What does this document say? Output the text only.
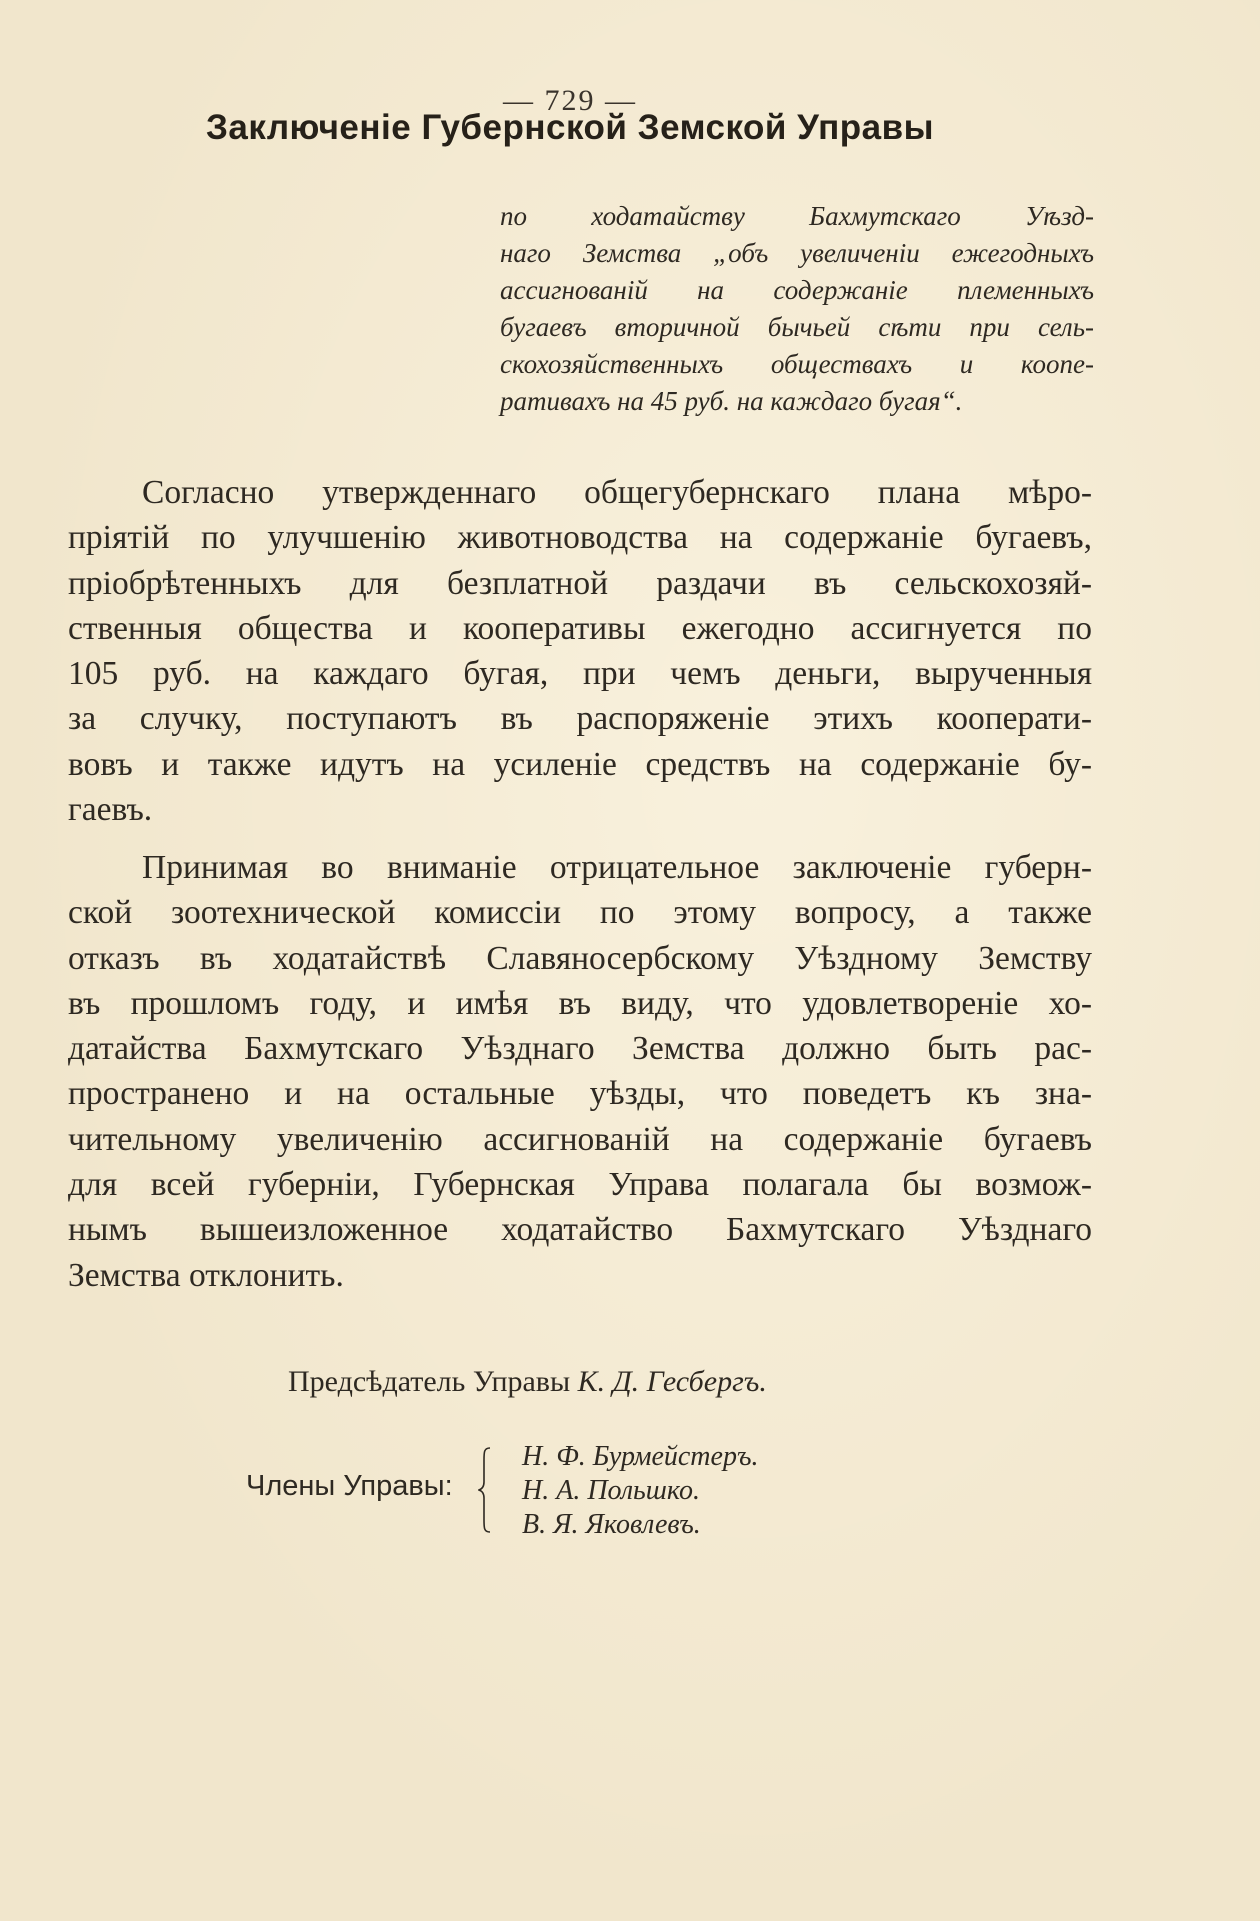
— 729 —
Заключеніе Губернской Земской Управы
по ходатайству Бахмутскаго Уѣзд-
наго Земства „объ увеличеніи ежегодныхъ
ассигнованій на содержаніе племенныхъ
бугаевъ вторичной бычьей сѣти при сель-
скохозяйственныхъ обществахъ и коопе-
ративахъ на 45 руб. на каждаго бугая“.
Согласно утвержденнаго общегубернскаго плана мѣро-
пріятій по улучшенію животноводства на содержаніе бугаевъ,
пріобрѣтенныхъ для безплатной раздачи въ сельскохозяй-
ственныя общества и кооперативы ежегодно ассигнуется по
105 руб. на каждаго бугая, при чемъ деньги, вырученныя
за случку, поступаютъ въ распоряженіе этихъ кооперати-
вовъ и также идутъ на усиленіе средствъ на содержаніе бу-
гаевъ.
Принимая во вниманіе отрицательное заключеніе губерн-
ской зоотехнической комиссіи по этому вопросу, а также
отказъ въ ходатайствѣ Славяносербскому Уѣздному Земству
въ прошломъ году, и имѣя въ виду, что удовлетвореніе хо-
датайства Бахмутскаго Уѣзднаго Земства должно быть рас-
пространено и на остальные уѣзды, что поведетъ къ зна-
чительному увеличенію ассигнованій на содержаніе бугаевъ
для всей губерніи, Губернская Управа полагала бы возмож-
нымъ вышеизложенное ходатайство Бахмутскаго Уѣзднаго
Земства отклонить.
Предсѣдатель Управы К. Д. Гесбергъ.
Члены Управы:
Н. Ф. Бурмейстеръ.
Н. А. Польшко.
В. Я. Яковлевъ.
